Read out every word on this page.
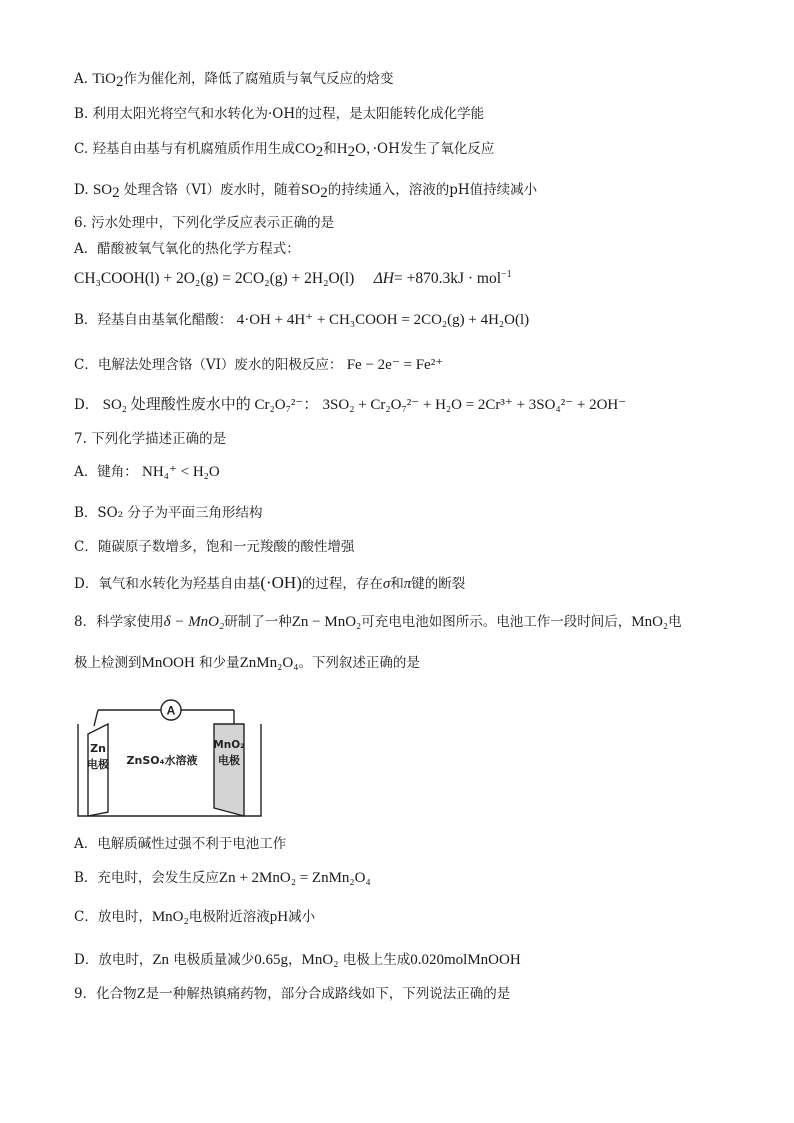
A. TiO$_2$作为催化剂，降低了腐殖质与氧气反应的焓变
B. 利用太阳光将空气和水转化为·OH的过程，是太阳能转化成化学能
C. 羟基自由基与有机腐殖质作用生成$CO_2$和$H_2O$，·OH发生了氧化反应
D. $SO_2$ 处理含铬（VI）废水时，随着$SO_2$的持续通入，溶液的pH值持续减小
6. 污水处理中，下列化学反应表示正确的是
A．醋酸被氧气氧化的热化学方程式：
CH₃COOH(l) + 2O₂(g) = 2CO₂(g) + 2H₂O(l) ΔH= +870.3kJ · mol$^{-1}$
B．羟基自由基氧化醋酸： 4·OH + 4H⁺ + CH₃COOH = 2CO₂(g) + 4H₂O(l)
C．电解法处理含铬（VI）废水的阳极反应： Fe − 2e⁻ = Fe²⁺
D． SO₂ 处理酸性废水中的 Cr₂O₇²⁻： 3SO₂ + Cr₂O₇²⁻ + H₂O = 2Cr³⁺ + 3SO₄²⁻ + 2OH⁻
7. 下列化学描述正确的是
A．键角： NH₄⁺ < H₂O
B．SO₂ 分子为平面三角形结构
C．随碳原子数增多，饱和一元羧酸的酸性增强
D．氧气和水转化为羟基自由基(·OH)的过程，存在σ和π键的断裂
8．科学家使用δ − MnO₂研制了一种Zn − MnO₂可充电电池如图所示。电池工作一段时间后，MnO₂电
极上检测到MnOOH 和少量ZnMn₂O₄。下列叙述正确的是
A
Zn
电极
MnO₂
电极
ZnSO₄水溶液
A．电解质碱性过强不利于电池工作
B．充电时，会发生反应Zn + 2MnO₂ = ZnMn₂O₄
C．放电时，MnO₂电极附近溶液pH减小
D．放电时，Zn 电极质量减少0.65g，MnO₂ 电极上生成0.020molMnOOH
9．化合物Z是一种解热镇痛药物，部分合成路线如下，下列说法正确的是
